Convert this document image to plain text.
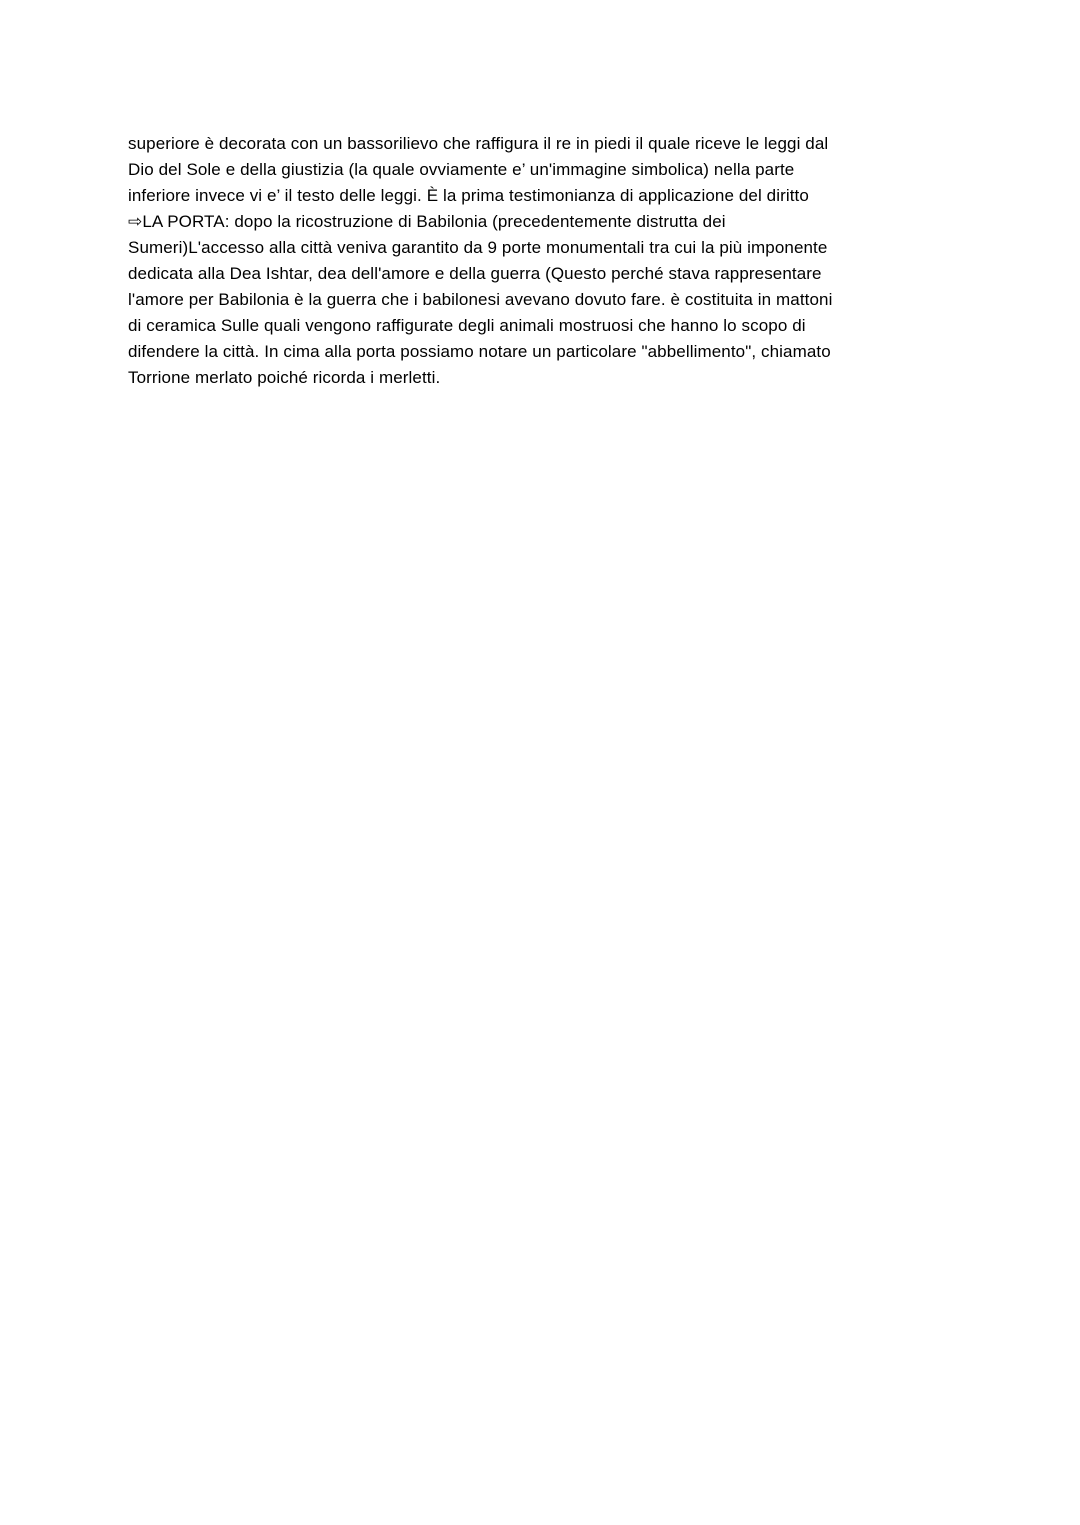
superiore è decorata con un bassorilievo che raffigura il re in piedi il quale riceve le leggi dal
Dio del Sole e della giustizia (la quale ovviamente e’ un'immagine simbolica) nella parte
inferiore invece vi e’ il testo delle leggi. È la prima testimonianza di applicazione del diritto
⇨LA PORTA: dopo la ricostruzione di Babilonia (precedentemente distrutta dei
Sumeri)L'accesso alla città veniva garantito da 9 porte monumentali tra cui la più imponente
dedicata alla Dea Ishtar, dea dell'amore e della guerra (Questo perché stava rappresentare
l'amore per Babilonia è la guerra che i babilonesi avevano dovuto fare. è costituita in mattoni
di ceramica Sulle quali vengono raffigurate degli animali mostruosi che hanno lo scopo di
difendere la città. In cima alla porta possiamo notare un particolare "abbellimento", chiamato
Torrione merlato poiché ricorda i merletti.
